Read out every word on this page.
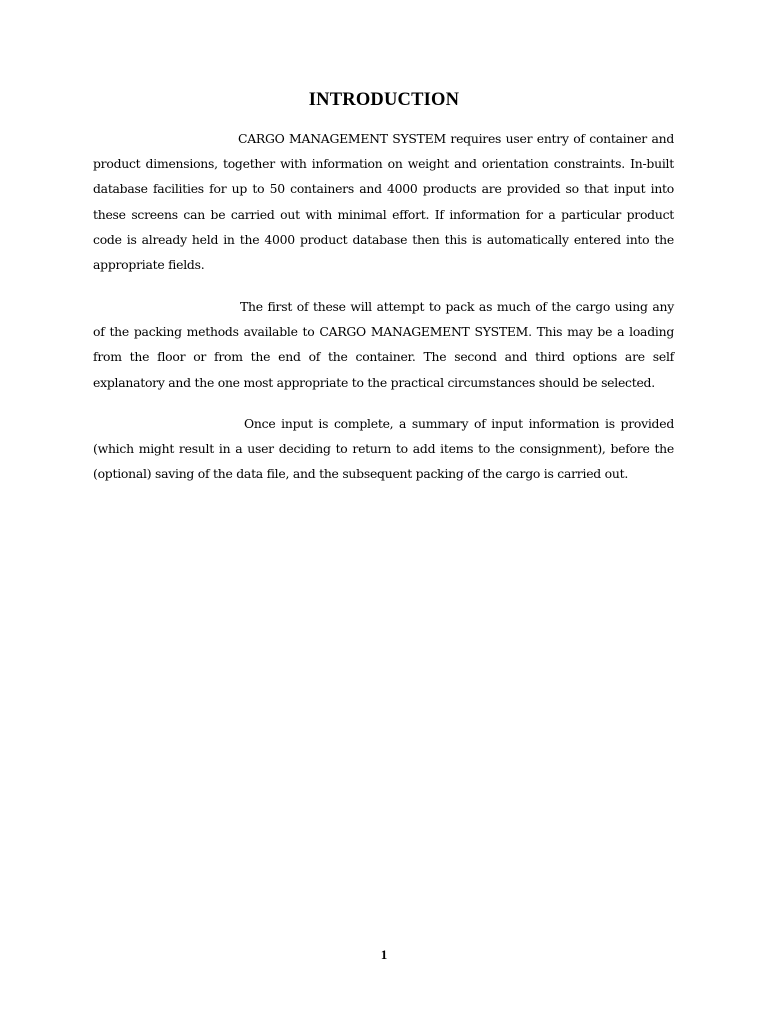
INTRODUCTION

CARGO MANAGEMENT SYSTEM requires user entry of container and product dimensions, together with information on weight and orientation constraints. In-built database facilities for up to 50 containers and 4000 products are provided so that input into these screens can be carried out with minimal effort. If information for a particular product code is already held in the 4000 product database then this is automatically entered into the appropriate fields.

The first of these will attempt to pack as much of the cargo using any of the packing methods available to CARGO MANAGEMENT SYSTEM. This may be a loading from the floor or from the end of the container. The second and third options are self explanatory and the one most appropriate to the practical circumstances should be selected.

Once input is complete, a summary of input information is provided (which might result in a user deciding to return to add items to the consignment), before the (optional) saving of the data file, and the subsequent packing of the cargo is carried out.

1
